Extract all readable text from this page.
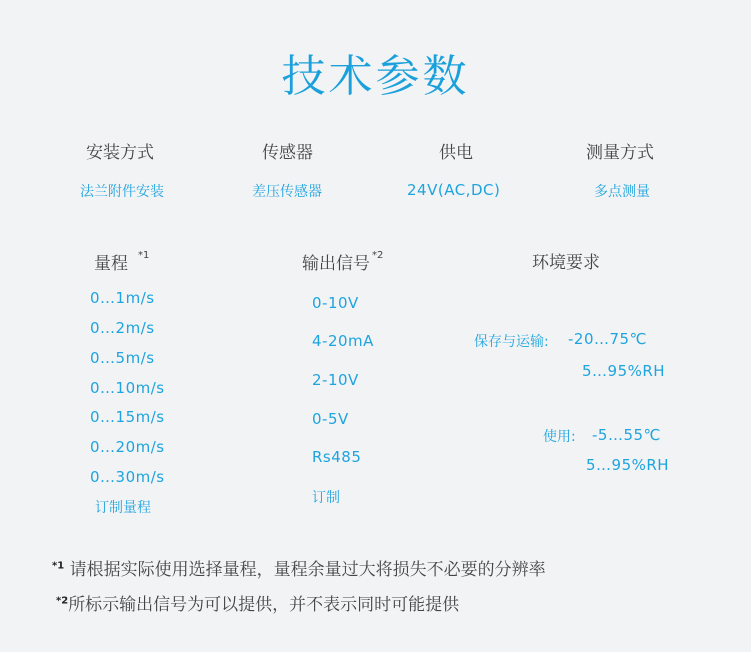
技术参数
安装方式
法兰附件安装
传感器
差压传感器
供电
24V(AC,DC)
测量方式
多点测量
量程 $^{*1}$
0…1m/s
0…2m/s
0…5m/s
0…10m/s
0…15m/s
0…20m/s
0…30m/s
订制量程
输出信号 $^{*2}$
0-10V
4-20mA
2-10V
0-5V
Rs485
订制
环境要求
保存与运输: -20…75℃
5…95%RH
使用: -5…55℃
5…95%RH
$^{*1}$ 请根据实际使用选择量程，量程余量过大将损失不必要的分辨率
$^{*2}$所标示输出信号为可以提供，并不表示同时可能提供
